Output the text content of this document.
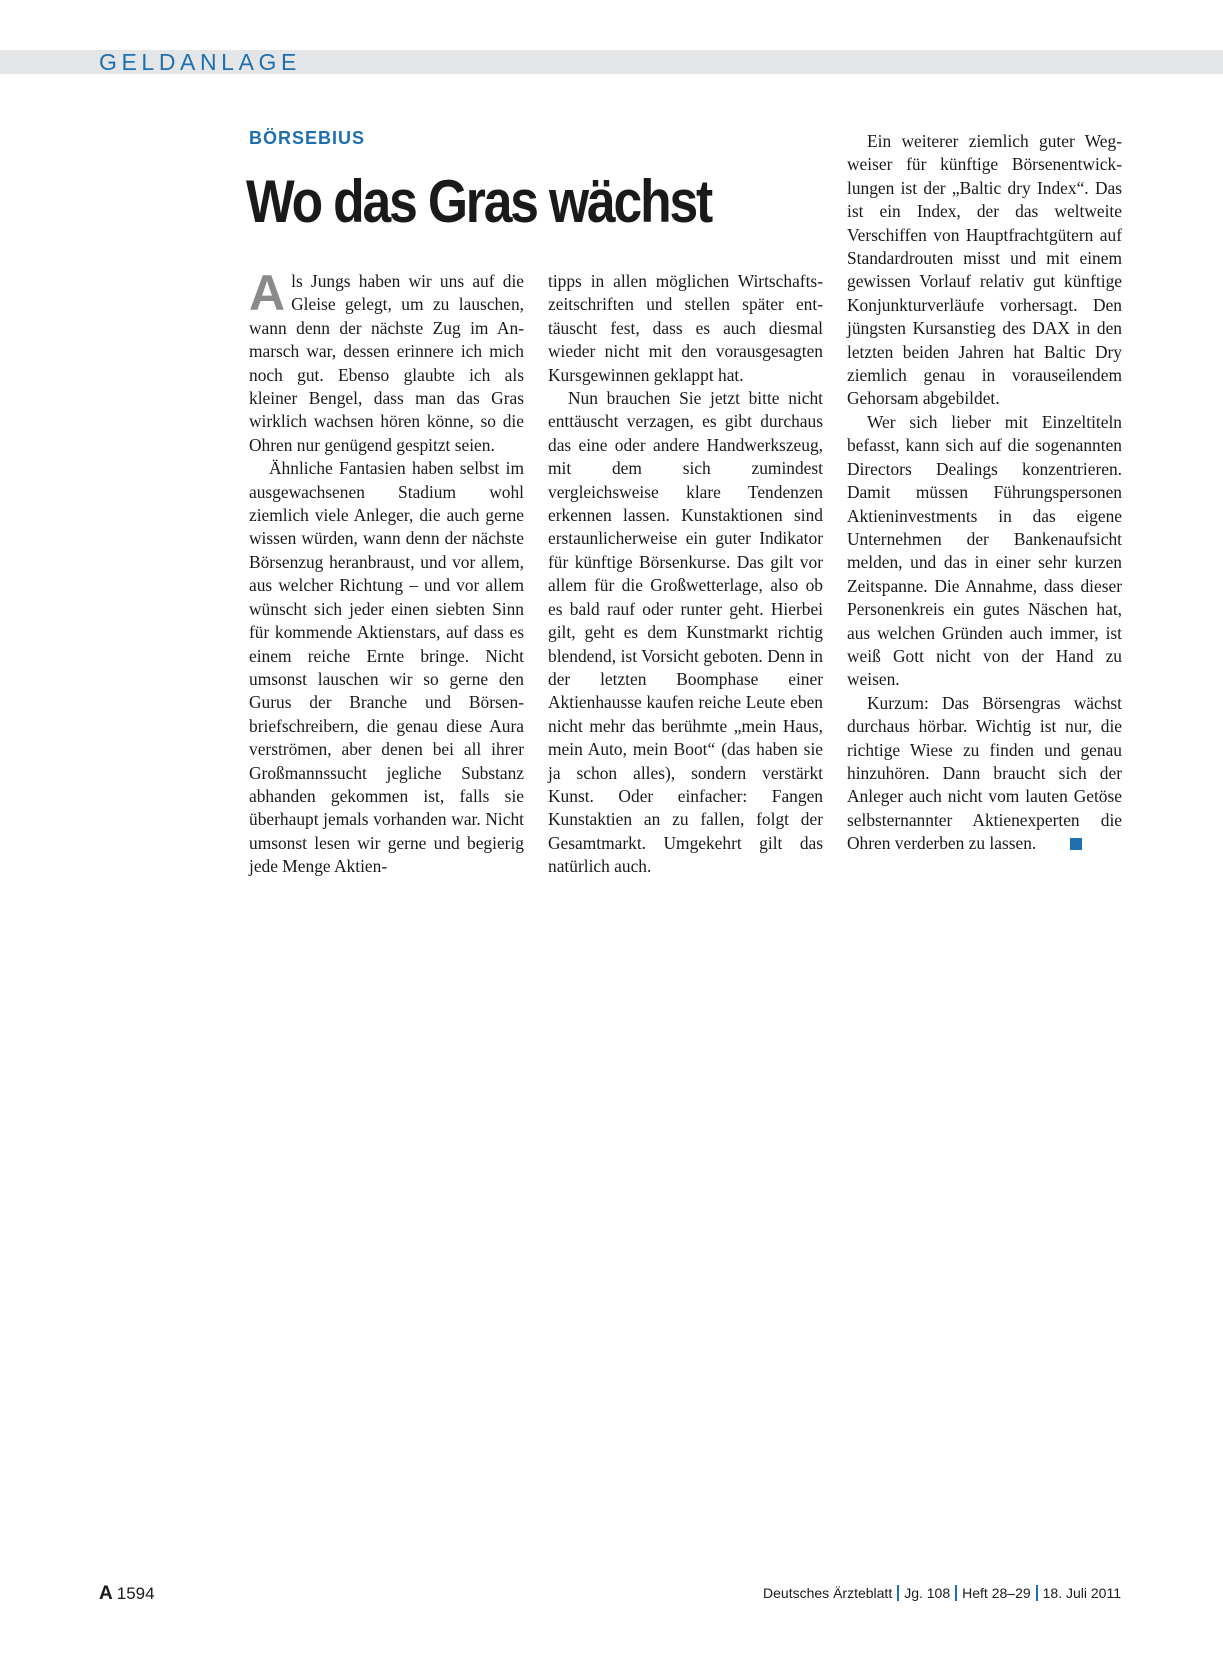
GELDANLAGE
BÖRSEBIUS
Wo das Gras wächst

Als Jungs haben wir uns auf die Gleise gelegt, um zu lauschen, wann denn der nächste Zug im Anmarsch war, dessen erinnere ich mich noch gut. Ebenso glaubte ich als kleiner Bengel, dass man das Gras wirklich wachsen hören könne, so die Ohren nur genügend gespitzt seien.

Ähnliche Fantasien haben selbst im ausgewachsenen Stadium wohl ziemlich viele Anleger, die auch gerne wissen würden, wann denn der nächste Börsenzug heranbraust, und vor allem, aus welcher Richtung – und vor allem wünscht sich jeder einen siebten Sinn für kommende Aktienstars, auf dass es einem reiche Ernte bringe. Nicht umsonst lauschen wir so gerne den Gurus der Branche und Börsenbriefschreibern, die genau diese Aura verströmen, aber denen bei all ihrer Großmannssucht jegliche Substanz abhanden gekommen ist, falls sie überhaupt jemals vorhanden war. Nicht umsonst lesen wir gerne und begierig jede Menge Aktien-

tipps in allen möglichen Wirtschaftszeitschriften und stellen später enttäuscht fest, dass es auch diesmal wieder nicht mit den vorausgesagten Kursgewinnen geklappt hat.

Nun brauchen Sie jetzt bitte nicht enttäuscht verzagen, es gibt durchaus das eine oder andere Handwerkszeug, mit dem sich zumindest vergleichsweise klare Tendenzen erkennen lassen. Kunstaktionen sind erstaunlicherweise ein guter Indikator für künftige Börsenkurse. Das gilt vor allem für die Großwetterlage, also ob es bald rauf oder runter geht. Hierbei gilt, geht es dem Kunstmarkt richtig blendend, ist Vorsicht geboten. Denn in der letzten Boomphase einer Aktienhausse kaufen reiche Leute eben nicht mehr das berühmte „mein Haus, mein Auto, mein Boot“ (das haben sie ja schon alles), sondern verstärkt Kunst. Oder einfacher: Fangen Kunstaktien an zu fallen, folgt der Gesamtmarkt. Umgekehrt gilt das natürlich auch.

Ein weiterer ziemlich guter Wegweiser für künftige Börsenentwicklungen ist der „Baltic dry Index“. Das ist ein Index, der das weltweite Verschiffen von Hauptfrachtgütern auf Standardrouten misst und mit einem gewissen Vorlauf relativ gut künftige Konjunkturverläufe vorhersagt. Den jüngsten Kursanstieg des DAX in den letzten beiden Jahren hat Baltic Dry ziemlich genau in vorauseilendem Gehorsam abgebildet.

Wer sich lieber mit Einzeltiteln befasst, kann sich auf die sogenannten Directors Dealings konzentrieren. Damit müssen Führungspersonen Aktieninvestments in das eigene Unternehmen der Bankenaufsicht melden, und das in einer sehr kurzen Zeitspanne. Die Annahme, dass dieser Personenkreis ein gutes Näschen hat, aus welchen Gründen auch immer, ist weiß Gott nicht von der Hand zu weisen.

Kurzum: Das Börsengras wächst durchaus hörbar. Wichtig ist nur, die richtige Wiese zu finden und genau hinzuhören. Dann braucht sich der Anleger auch nicht vom lauten Getöse selbsternannter Aktienexperten die Ohren verderben zu lassen.

A 1594	Deutsches Ärzteblatt Jg. 108 Heft 28–29 18. Juli 2011
